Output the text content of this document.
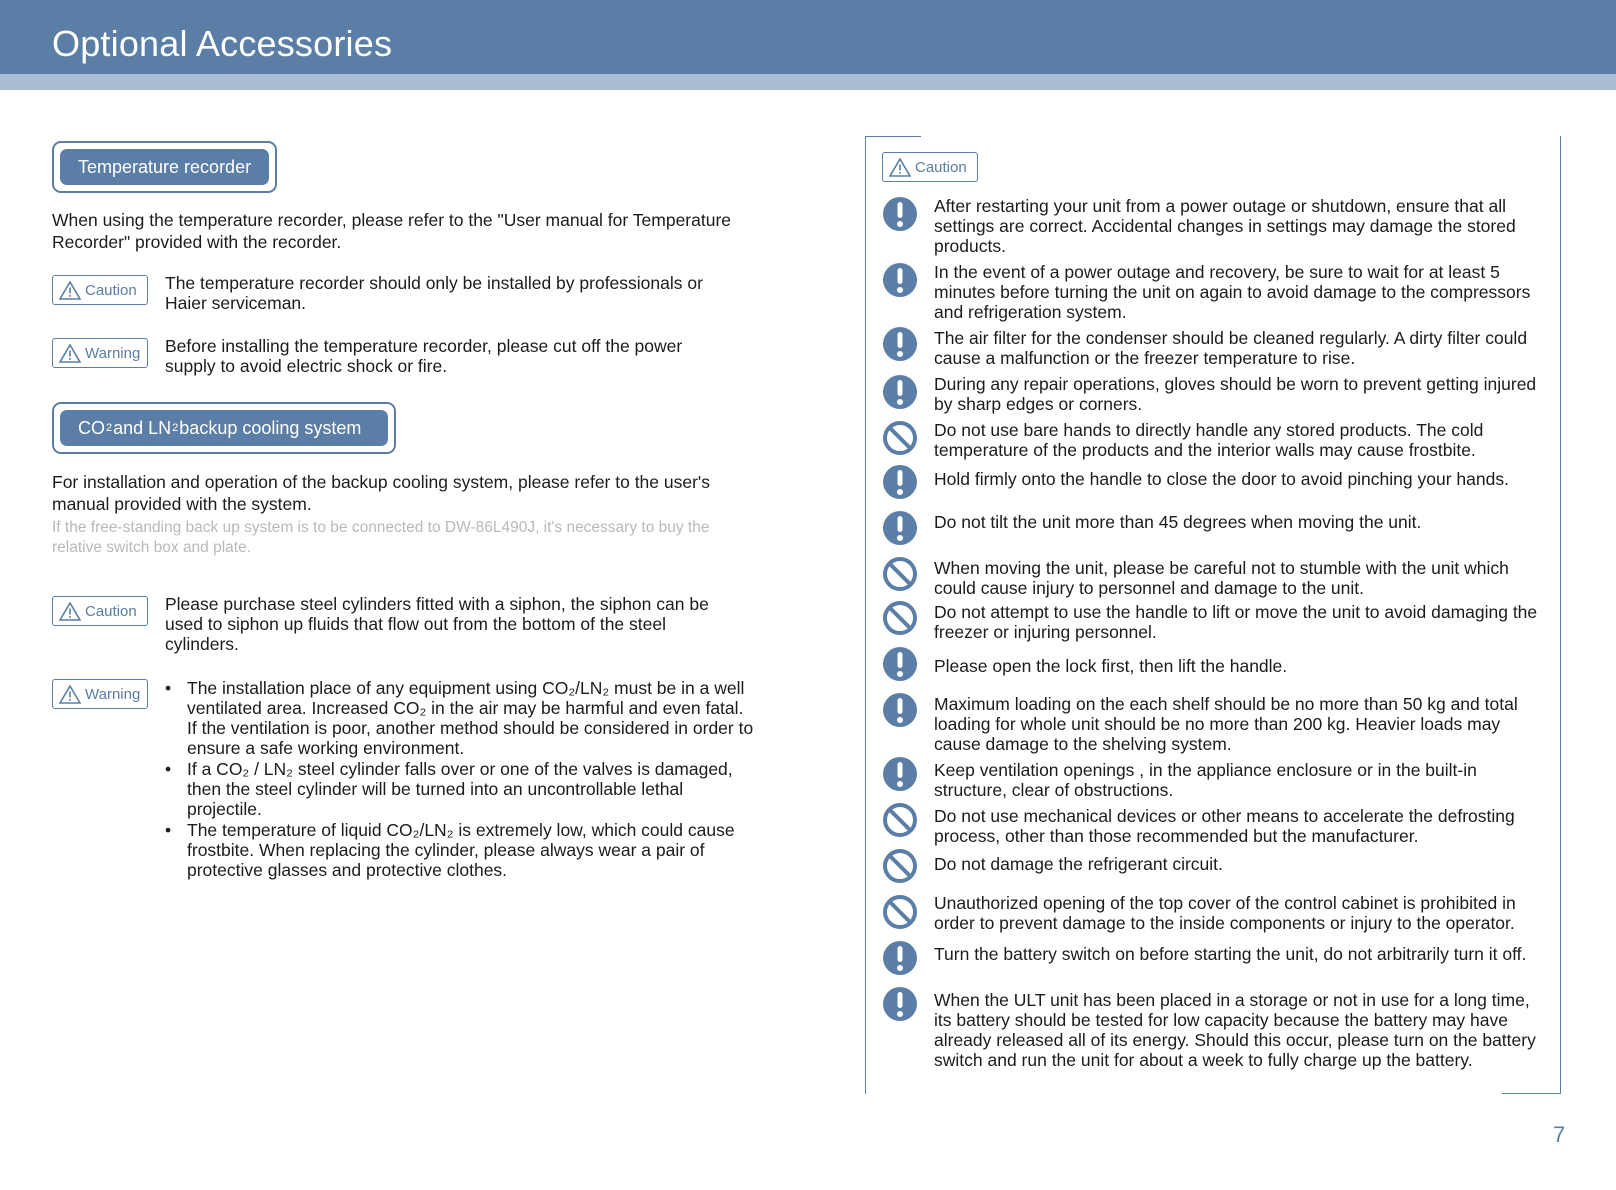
Optional Accessories
Temperature recorder
When using the temperature recorder, please refer to the "User manual for Temperature Recorder" provided with the recorder.
Caution The temperature recorder should only be installed by professionals or Haier serviceman.
Warning Before installing the temperature recorder, please cut off the power supply to avoid electric shock or fire.
CO 2 and LN 2 backup cooling system
For installation and operation of the backup cooling system, please refer to the user's manual provided with the system.
If the free-standing back up system is to be connected to DW-86L490J, it's necessary to buy the relative switch box and plate.
Caution Please purchase steel cylinders fitted with a siphon, the siphon can be used to siphon up fluids that flow out from the bottom of the steel cylinders.
Warning • The installation place of any equipment using CO₂/LN₂ must be in a well ventilated area. Increased CO₂ in the air may be harmful and even fatal. If the ventilation is poor, another method should be considered in order to ensure a safe working environment.
• If a CO₂ / LN₂ steel cylinder falls over or one of the valves is damaged, then the steel cylinder will be turned into an uncontrollable lethal projectile.
• The temperature of liquid CO₂/LN₂ is extremely low, which could cause frostbite. When replacing the cylinder, please always wear a pair of protective glasses and protective clothes.
Caution
After restarting your unit from a power outage or shutdown, ensure that all settings are correct. Accidental changes in settings may damage the stored products.
In the event of a power outage and recovery, be sure to wait for at least 5 minutes before turning the unit on again to avoid damage to the compressors and refrigeration system.
The air filter for the condenser should be cleaned regularly. A dirty filter could cause a malfunction or the freezer temperature to rise.
During any repair operations, gloves should be worn to prevent getting injured by sharp edges or corners.
Do not use bare hands to directly handle any stored products. The cold temperature of the products and the interior walls may cause frostbite.
Hold firmly onto the handle to close the door to avoid pinching your hands.
Do not tilt the unit more than 45 degrees when moving the unit.
When moving the unit, please be careful not to stumble with the unit which could cause injury to personnel and damage to the unit.
Do not attempt to use the handle to lift or move the unit to avoid damaging the freezer or injuring personnel.
Please open the lock first, then lift the handle.
Maximum loading on the each shelf should be no more than 50 kg and total loading for whole unit should be no more than 200 kg. Heavier loads may cause damage to the shelving system.
Keep ventilation openings , in the appliance enclosure or in the built-in structure, clear of obstructions.
Do not use mechanical devices or other means to accelerate the defrosting process, other than those recommended but the manufacturer.
Do not damage the refrigerant circuit.
Unauthorized opening of the top cover of the control cabinet is prohibited in order to prevent damage to the inside components or injury to the operator.
Turn the battery switch on before starting the unit, do not arbitrarily turn it off.
When the ULT unit has been placed in a storage or not in use for a long time, its battery should be tested for low capacity because the battery may have already released all of its energy. Should this occur, please turn on the battery switch and run the unit for about a week to fully charge up the battery.
7
